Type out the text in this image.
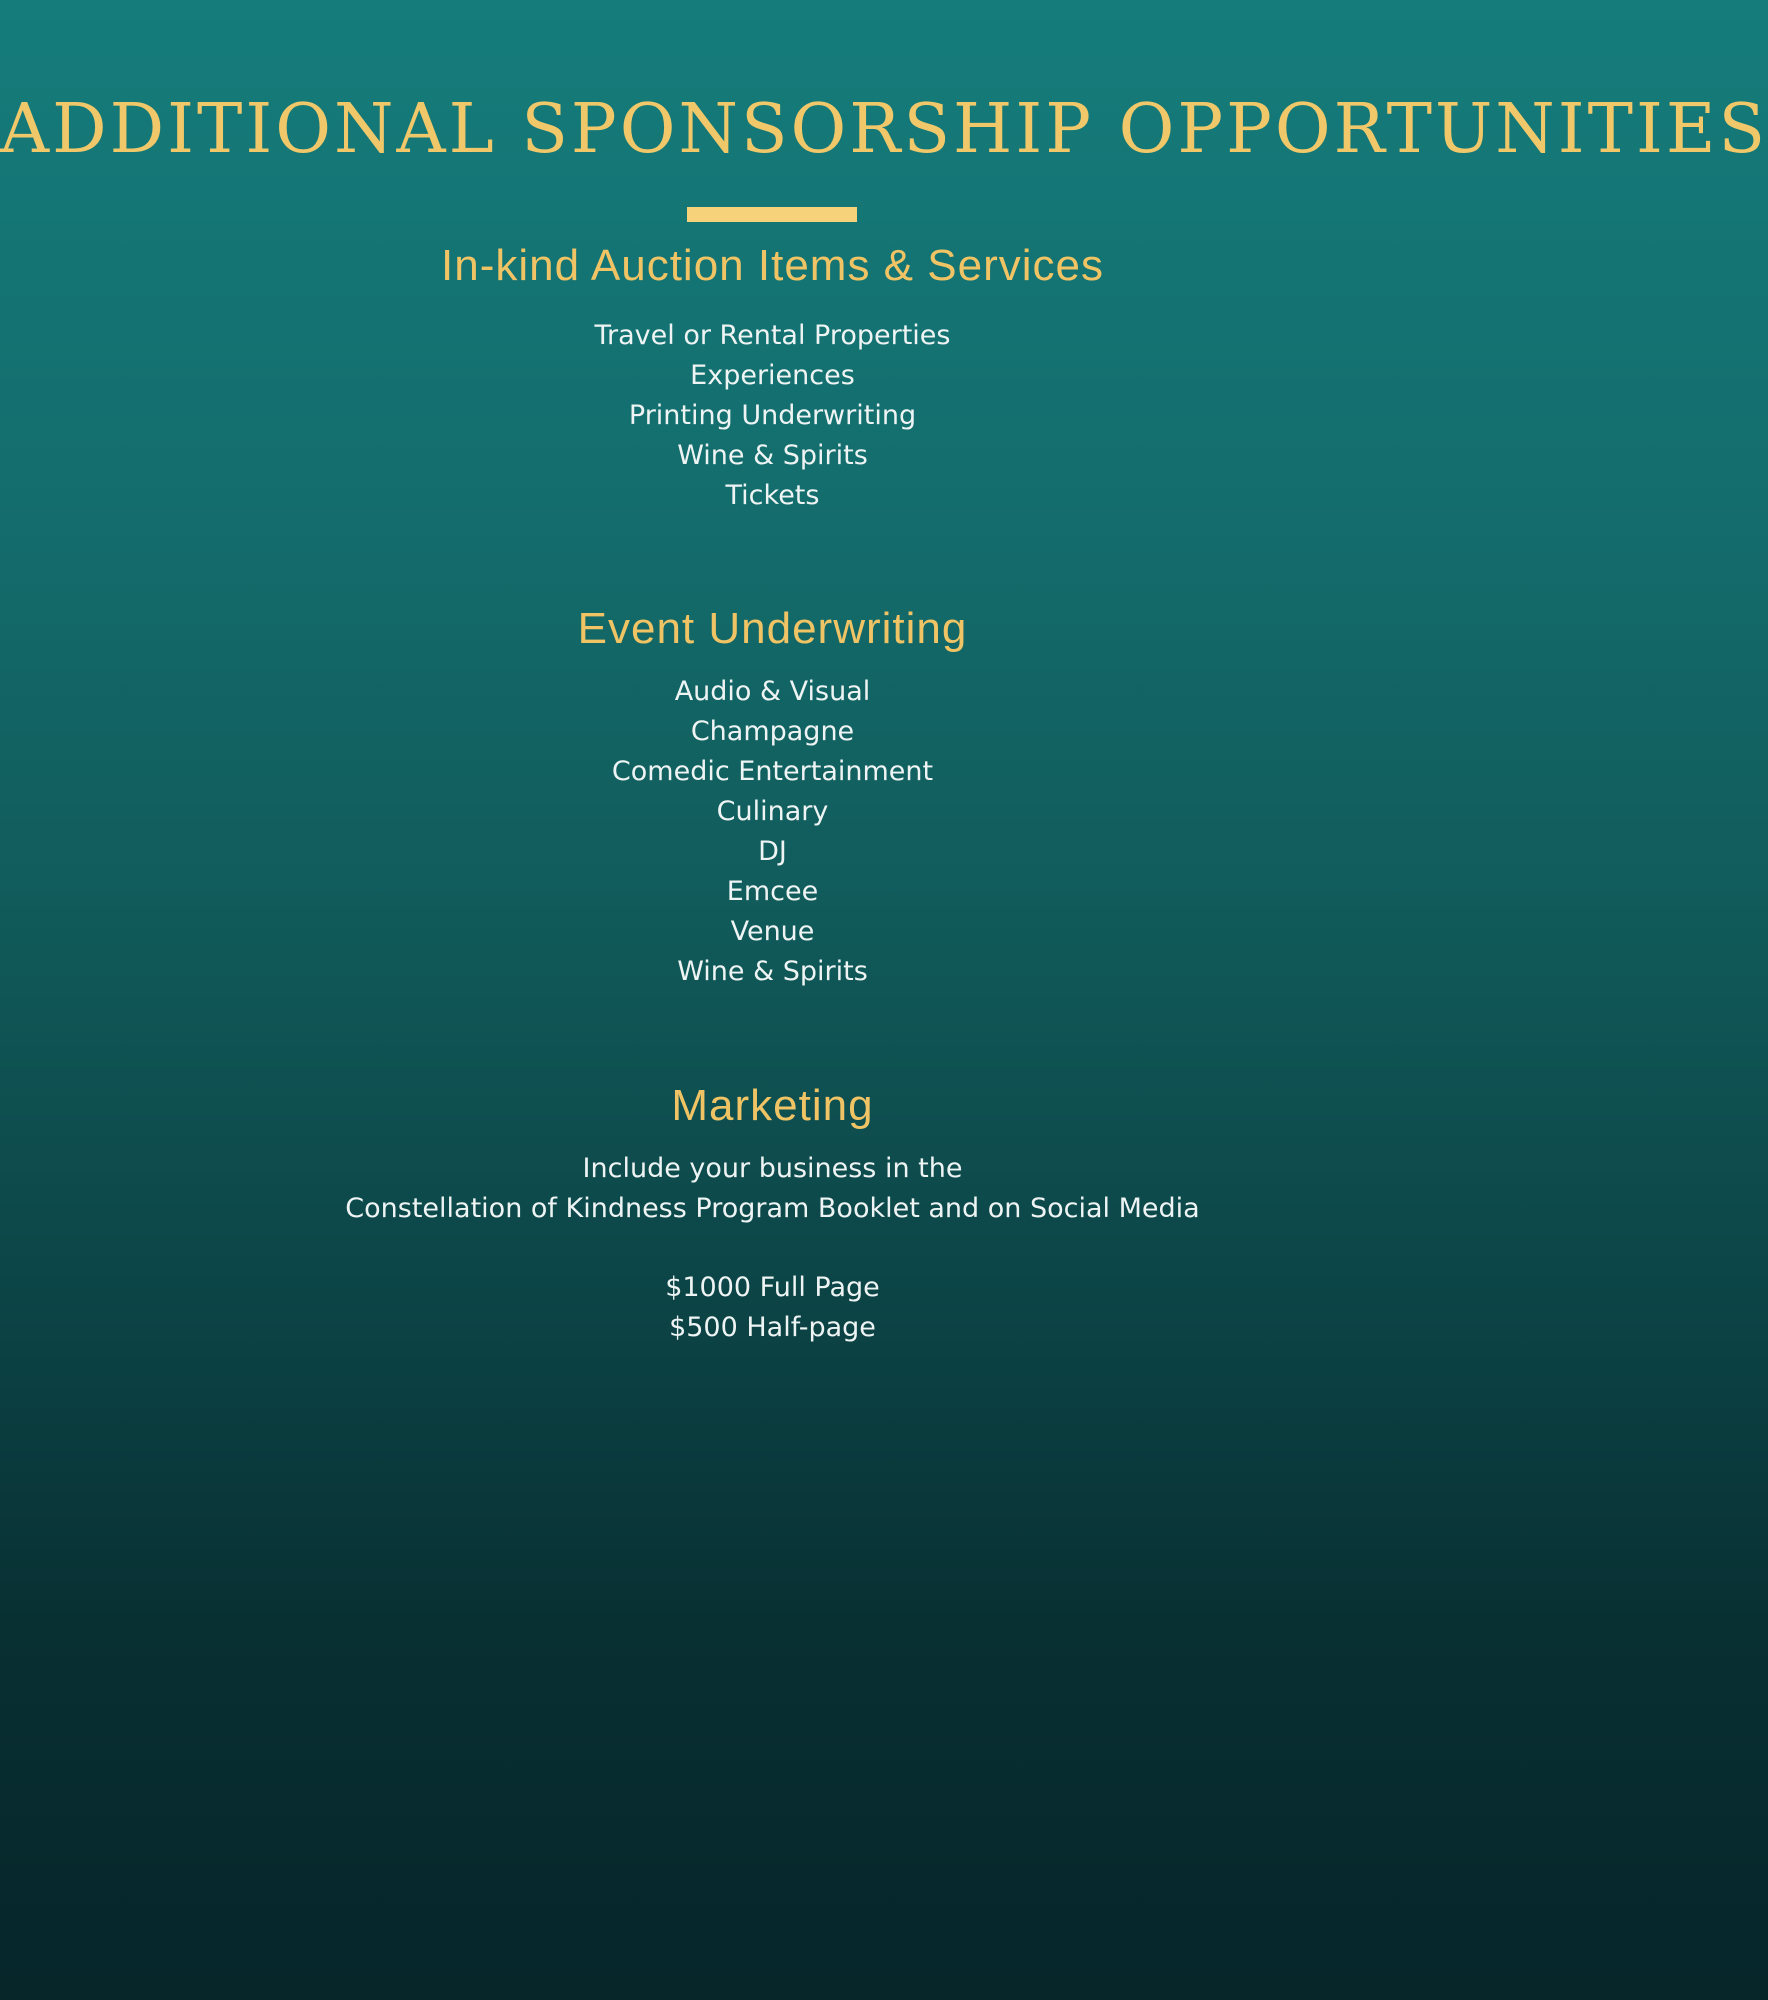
ADDITIONAL SPONSORSHIP OPPORTUNITIES
In-kind Auction Items & Services
Travel or Rental Properties
Experiences
Printing Underwriting
Wine & Spirits
Tickets
Event Underwriting
Audio & Visual
Champagne
Comedic Entertainment
Culinary
DJ
Emcee
Venue
Wine & Spirits
Marketing
Include your business in the
Constellation of Kindness Program Booklet and on Social Media
$1000 Full Page
$500 Half-page
